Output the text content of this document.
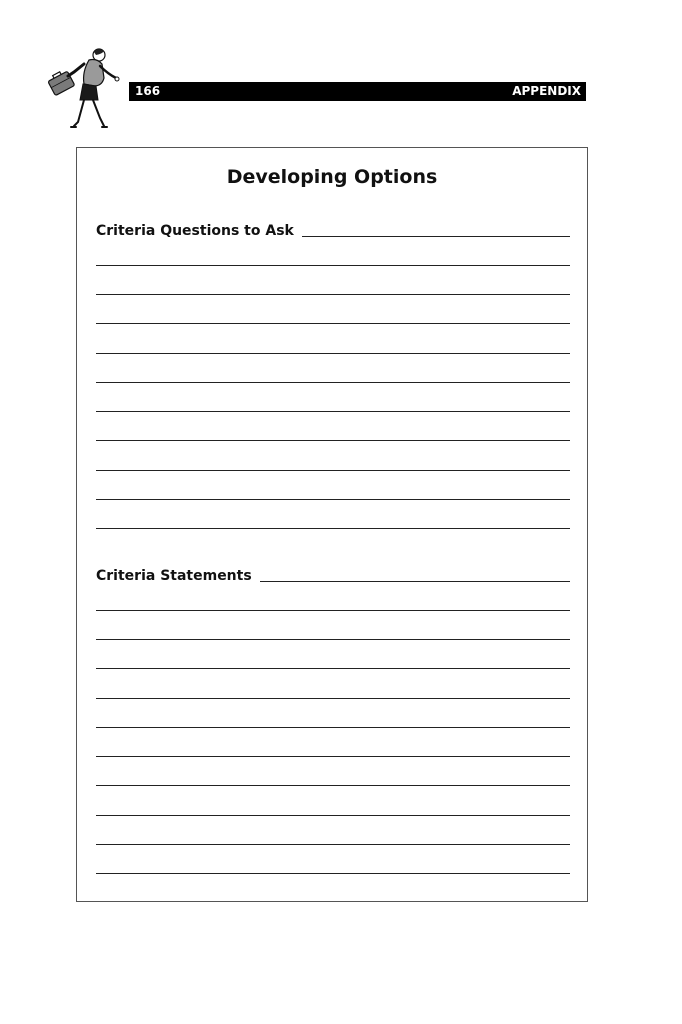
166	APPENDIX
Developing Options
Criteria Questions to Ask
Criteria Statements
